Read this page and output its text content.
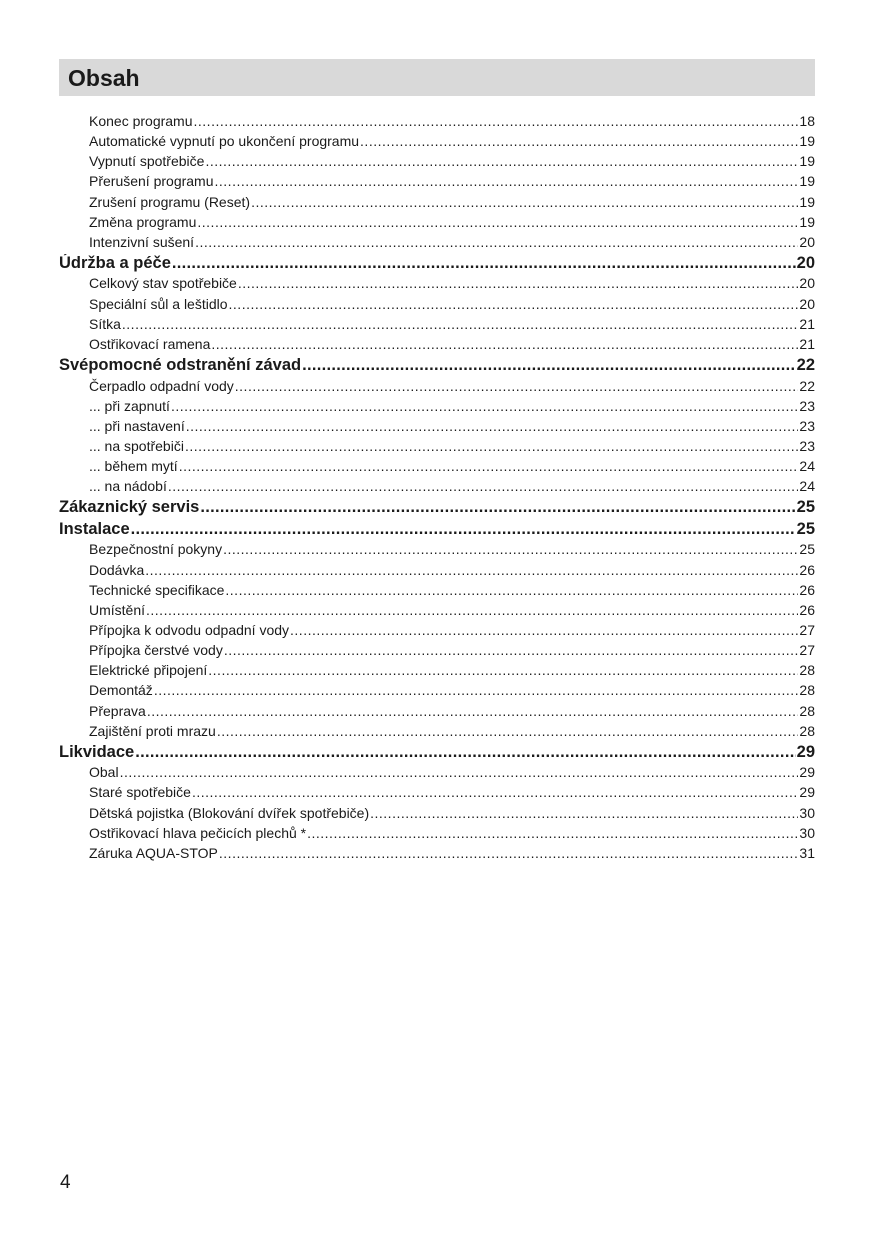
Obsah
Konec programu .....	18
Automatické vypnutí po ukončení programu .....	19
Vypnutí spotřebiče .....	19
Přerušení programu .....	19
Zrušení programu (Reset) .....	19
Změna programu .....	19
Intenzivní sušení .....	20
Údržba a péče .....	20
Celkový stav spotřebiče .....	20
Speciální sůl a leštidlo .....	20
Sítka .....	21
Ostřikovací ramena .....	21
Svépomocné odstranění závad .....	22
Čerpadlo odpadní vody .....	22
... při zapnutí .....	23
... při nastavení .....	23
... na spotřebiči .....	23
... během mytí .....	24
... na nádobí .....	24
Zákaznický servis .....	25
Instalace .....	25
Bezpečnostní pokyny .....	25
Dodávka .....	26
Technické specifikace .....	26
Umístění .....	26
Přípojka k odvodu odpadní vody .....	27
Přípojka čerstvé vody .....	27
Elektrické připojení .....	28
Demontáž .....	28
Přeprava .....	28
Zajištění proti mrazu .....	28
Likvidace .....	29
Obal .....	29
Staré spotřebiče .....	29
Dětská pojistka (Blokování dvířek spotřebiče) .....	30
Ostřikovací hlava pečicích plechů * .....	30
Záruka AQUA-STOP .....	31
4
